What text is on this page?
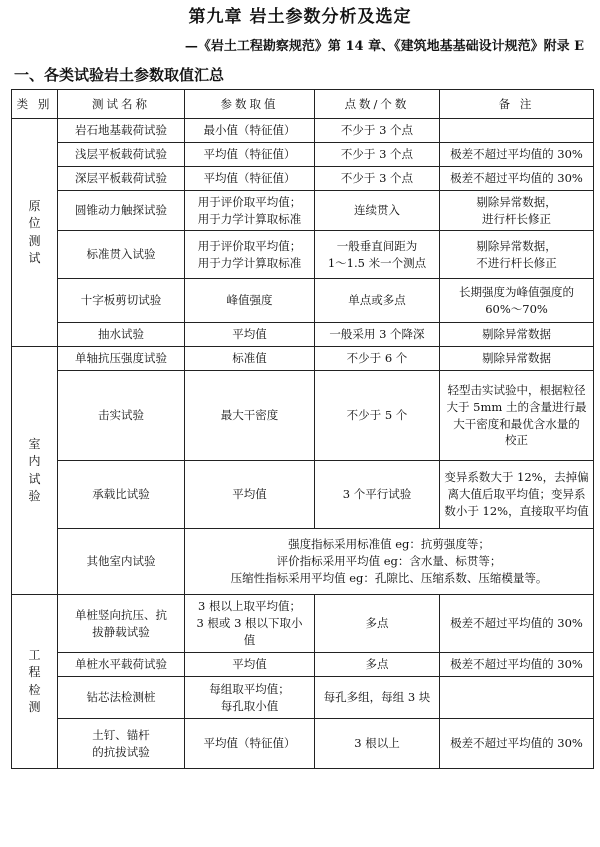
第九章 岩土参数分析及选定
—《岩土工程勘察规范》第 14 章、《建筑地基基础设计规范》附录 E
一、各类试验岩土参数取值汇总
类 别	测试名称	参数取值	点数/个数	备 注

原
位
测
试	岩石地基载荷试验	最小值（特征值）	不少于 3 个点	

	浅层平板载荷试验	平均值（特征值）	不少于 3 个点	极差不超过平均值的 30%

	深层平板载荷试验	平均值（特征值）	不少于 3 个点	极差不超过平均值的 30%

	圆锥动力触探试验	用于评价取平均值；
用于力学计算取标准	连续贯入	剔除异常数据，
进行杆长修正

	标准贯入试验	用于评价取平均值；
用于力学计算取标准	一般垂直间距为
1～1.5 米一个测点	剔除异常数据，
不进行杆长修正

	十字板剪切试验	峰值强度	单点或多点	长期强度为峰值强度的
60%～70%

	抽水试验	平均值	一般采用 3 个降深	剔除异常数据

室
内
试
验	单轴抗压强度试验	标准值	不少于 6 个	剔除异常数据

	击实试验	最大干密度	不少于 5 个	轻型击实试验中，根据粒径
大于 5mm 土的含量进行最
大干密度和最优含水量的
校正

	承载比试验	平均值	3 个平行试验	变异系数大于 12%，去掉偏
离大值后取平均值；变异系
数小于 12%，直接取平均值

	其他室内试验	强度指标采用标准值 eg：抗剪强度等；
评价指标采用平均值 eg：含水量、标贯等；
压缩性指标采用平均值 eg：孔隙比、压缩系数、压缩模量等。		

工
程
检
测	单桩竖向抗压、抗
拔静载试验	3 根以上取平均值；
3 根或 3 根以下取小
值	多点	极差不超过平均值的 30%

	单桩水平载荷试验	平均值	多点	极差不超过平均值的 30%

	钻芯法检测桩	每组取平均值；
每孔取小值	每孔多组，每组 3 块	

	土钉、锚杆
的抗拔试验	平均值（特征值）	3 根以上	极差不超过平均值的 30%
